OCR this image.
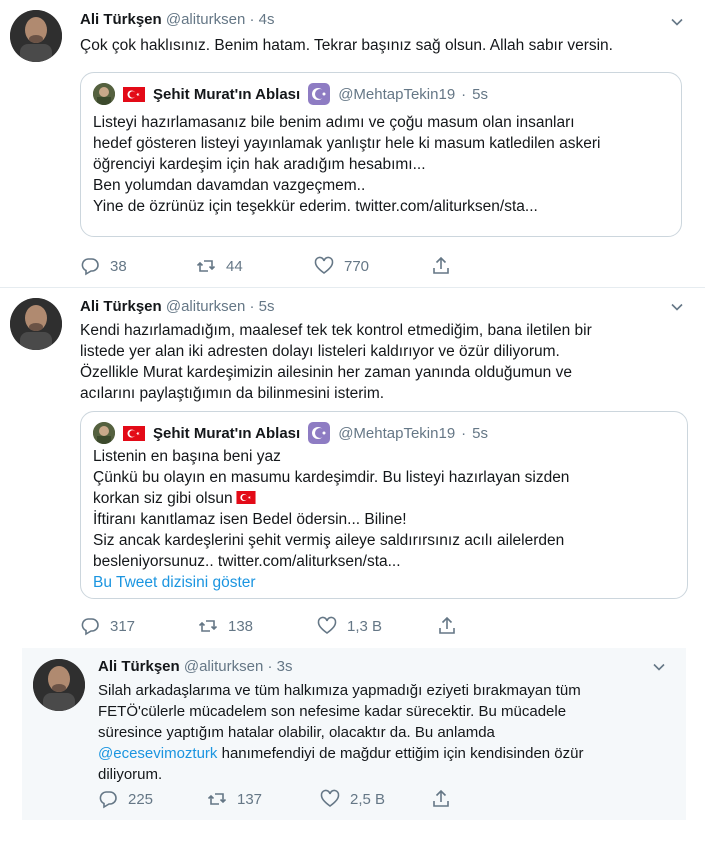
Ali Türkşen @aliturksen · 4s
Çok çok haklısınız. Benim hatam. Tekrar başınız sağ olsun. Allah sabır versin.
Şehit Murat'ın Ablası	@MehtapTekin19 · 5s
Listeyi hazırlamasanız bile benim adımı ve çoğu masum olan insanları
hedef gösteren listeyi yayınlamak yanlıştır hele ki masum katledilen askeri
öğrenciyi kardeşim için hak aradığım hesabımı...
Ben yolumdan davamdan vazgeçmem..
Yine de özrünüz için teşekkür ederim. twitter.com/aliturksen/sta...
38	44	770
Ali Türkşen @aliturksen · 5s
Kendi hazırlamadığım, maalesef tek tek kontrol etmediğim, bana iletilen bir
listede yer alan iki adresten dolayı listeleri kaldırıyor ve özür diliyorum.
Özellikle Murat kardeşimizin ailesinin her zaman yanında olduğumun ve
acılarını paylaştığımın da bilinmesini isterim.
Şehit Murat'ın Ablası	@MehtapTekin19 · 5s
Listenin en başına beni yaz
Çünkü bu olayın en masumu kardeşimdir. Bu listeyi hazırlayan sizden
korkan siz gibi olsun
İftiranı kanıtlamaz isen Bedel ödersin... Biline!
Siz ancak kardeşlerini şehit vermiş aileye saldırırsınız acılı ailelerden
besleniyorsunuz.. twitter.com/aliturksen/sta...
Bu Tweet dizisini göster
317	138	1,3 B
Ali Türkşen @aliturksen · 3s
Silah arkadaşlarıma ve tüm halkımıza yapmadığı eziyeti bırakmayan tüm
FETÖ'cülerle mücadelem son nefesime kadar sürecektir. Bu mücadele
süresince yaptığım hatalar olabilir, olacaktır da. Bu anlamda
@ecesevimozturk hanımefendiyi de mağdur ettiğim için kendisinden özür
diliyorum.
225	137	2,5 B
